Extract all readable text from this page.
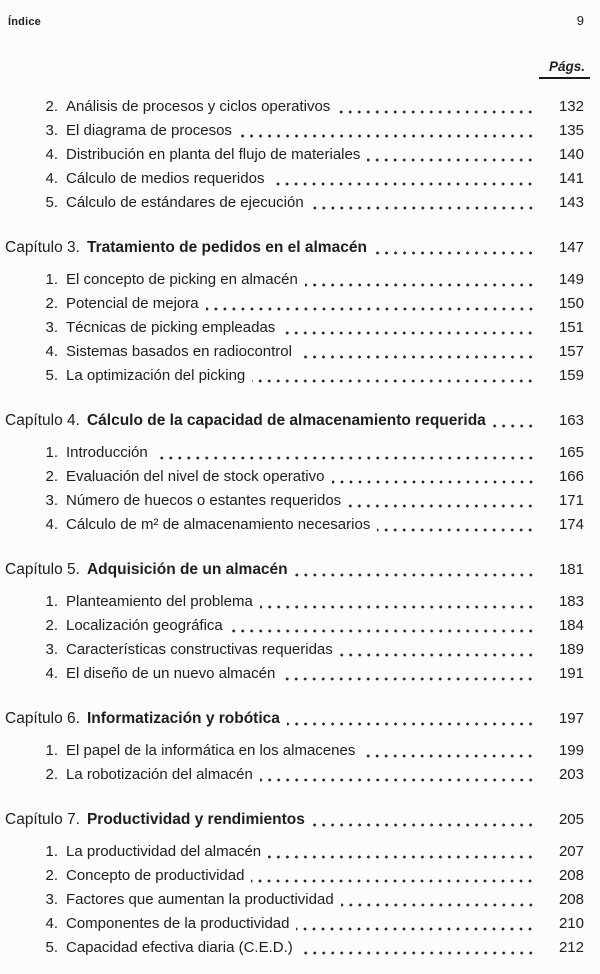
Índice	9
Págs.
2. Análisis de procesos y ciclos operativos	132
3. El diagrama de procesos	135
4. Distribución en planta del flujo de materiales	140
4. Cálculo de medios requeridos	141
5. Cálculo de estándares de ejecución	143
Capítulo 3. Tratamiento de pedidos en el almacén	147
1. El concepto de picking en almacén	149
2. Potencial de mejora	150
3. Técnicas de picking empleadas	151
4. Sistemas basados en radiocontrol	157
5. La optimización del picking	159
Capítulo 4. Cálculo de la capacidad de almacenamiento requerida	163
1. Introducción	165
2. Evaluación del nivel de stock operativo	166
3. Número de huecos o estantes requeridos	171
4. Cálculo de m² de almacenamiento necesarios	174
Capítulo 5. Adquisición de un almacén	181
1. Planteamiento del problema	183
2. Localización geográfica	184
3. Características constructivas requeridas	189
4. El diseño de un nuevo almacén	191
Capítulo 6. Informatización y robótica	197
1. El papel de la informática en los almacenes	199
2. La robotización del almacén	203
Capítulo 7. Productividad y rendimientos	205
1. La productividad del almacén	207
2. Concepto de productividad	208
3. Factores que aumentan la productividad	208
4. Componentes de la productividad	210
5. Capacidad efectiva diaria (C.E.D.)	212
